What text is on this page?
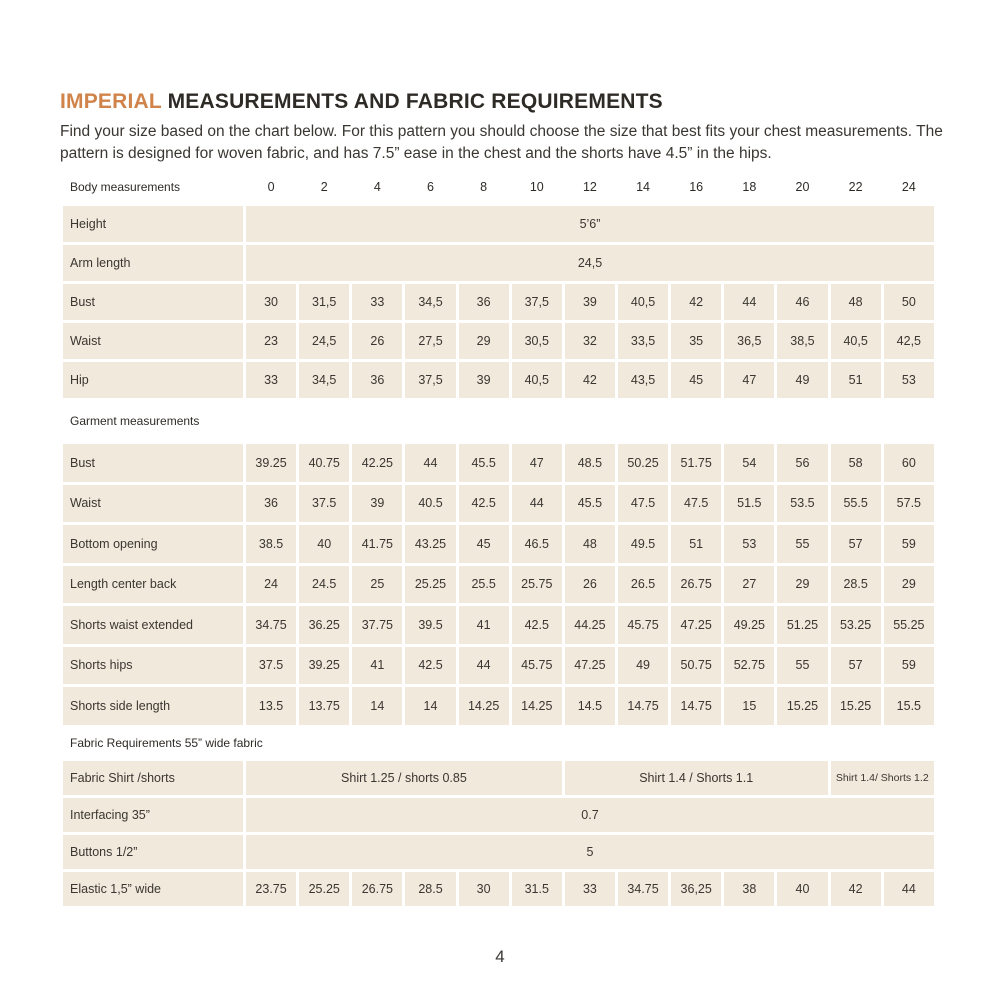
IMPERIAL MEASUREMENTS AND FABRIC REQUIREMENTS

Find your size based on the chart below. For this pattern you should choose the size that best fits your chest measurements. The

pattern is designed for woven fabric, and has 7.5” ease in the chest and the shorts have 4.5” in the hips.

Body measurements	0	2	4	6	8	10	12	14	16	18	20	22	24
Height	5’6”												
Arm length	24,5												
Bust	30	31,5	33	34,5	36	37,5	39	40,5	42	44	46	48	50
Waist	23	24,5	26	27,5	29	30,5	32	33,5	35	36,5	38,5	40,5	42,5
Hip	33	34,5	36	37,5	39	40,5	42	43,5	45	47	49	51	53
Garment measurements													
Bust	39.25	40.75	42.25	44	45.5	47	48.5	50.25	51.75	54	56	58	60
Waist	36	37.5	39	40.5	42.5	44	45.5	47.5	47.5	51.5	53.5	55.5	57.5
Bottom opening	38.5	40	41.75	43.25	45	46.5	48	49.5	51	53	55	57	59
Length center back	24	24.5	25	25.25	25.5	25.75	26	26.5	26.75	27	29	28.5	29
Shorts waist extended	34.75	36.25	37.75	39.5	41	42.5	44.25	45.75	47.25	49.25	51.25	53.25	55.25
Shorts hips	37.5	39.25	41	42.5	44	45.75	47.25	49	50.75	52.75	55	57	59
Shorts side length	13.5	13.75	14	14	14.25	14.25	14.5	14.75	14.75	15	15.25	15.25	15.5
Fabric Requirements 55” wide fabric													
Fabric Shirt /shorts	Shirt 1.25 / shorts 0.85						Shirt 1.4 / Shorts 1.1					Shirt 1.4/ Shorts 1.2	
Interfacing 35”	0.7												
Buttons 1/2”	5												
Elastic 1,5” wide	23.75	25.25	26.75	28.5	30	31.5	33	34.75	36,25	38	40	42	44
4
